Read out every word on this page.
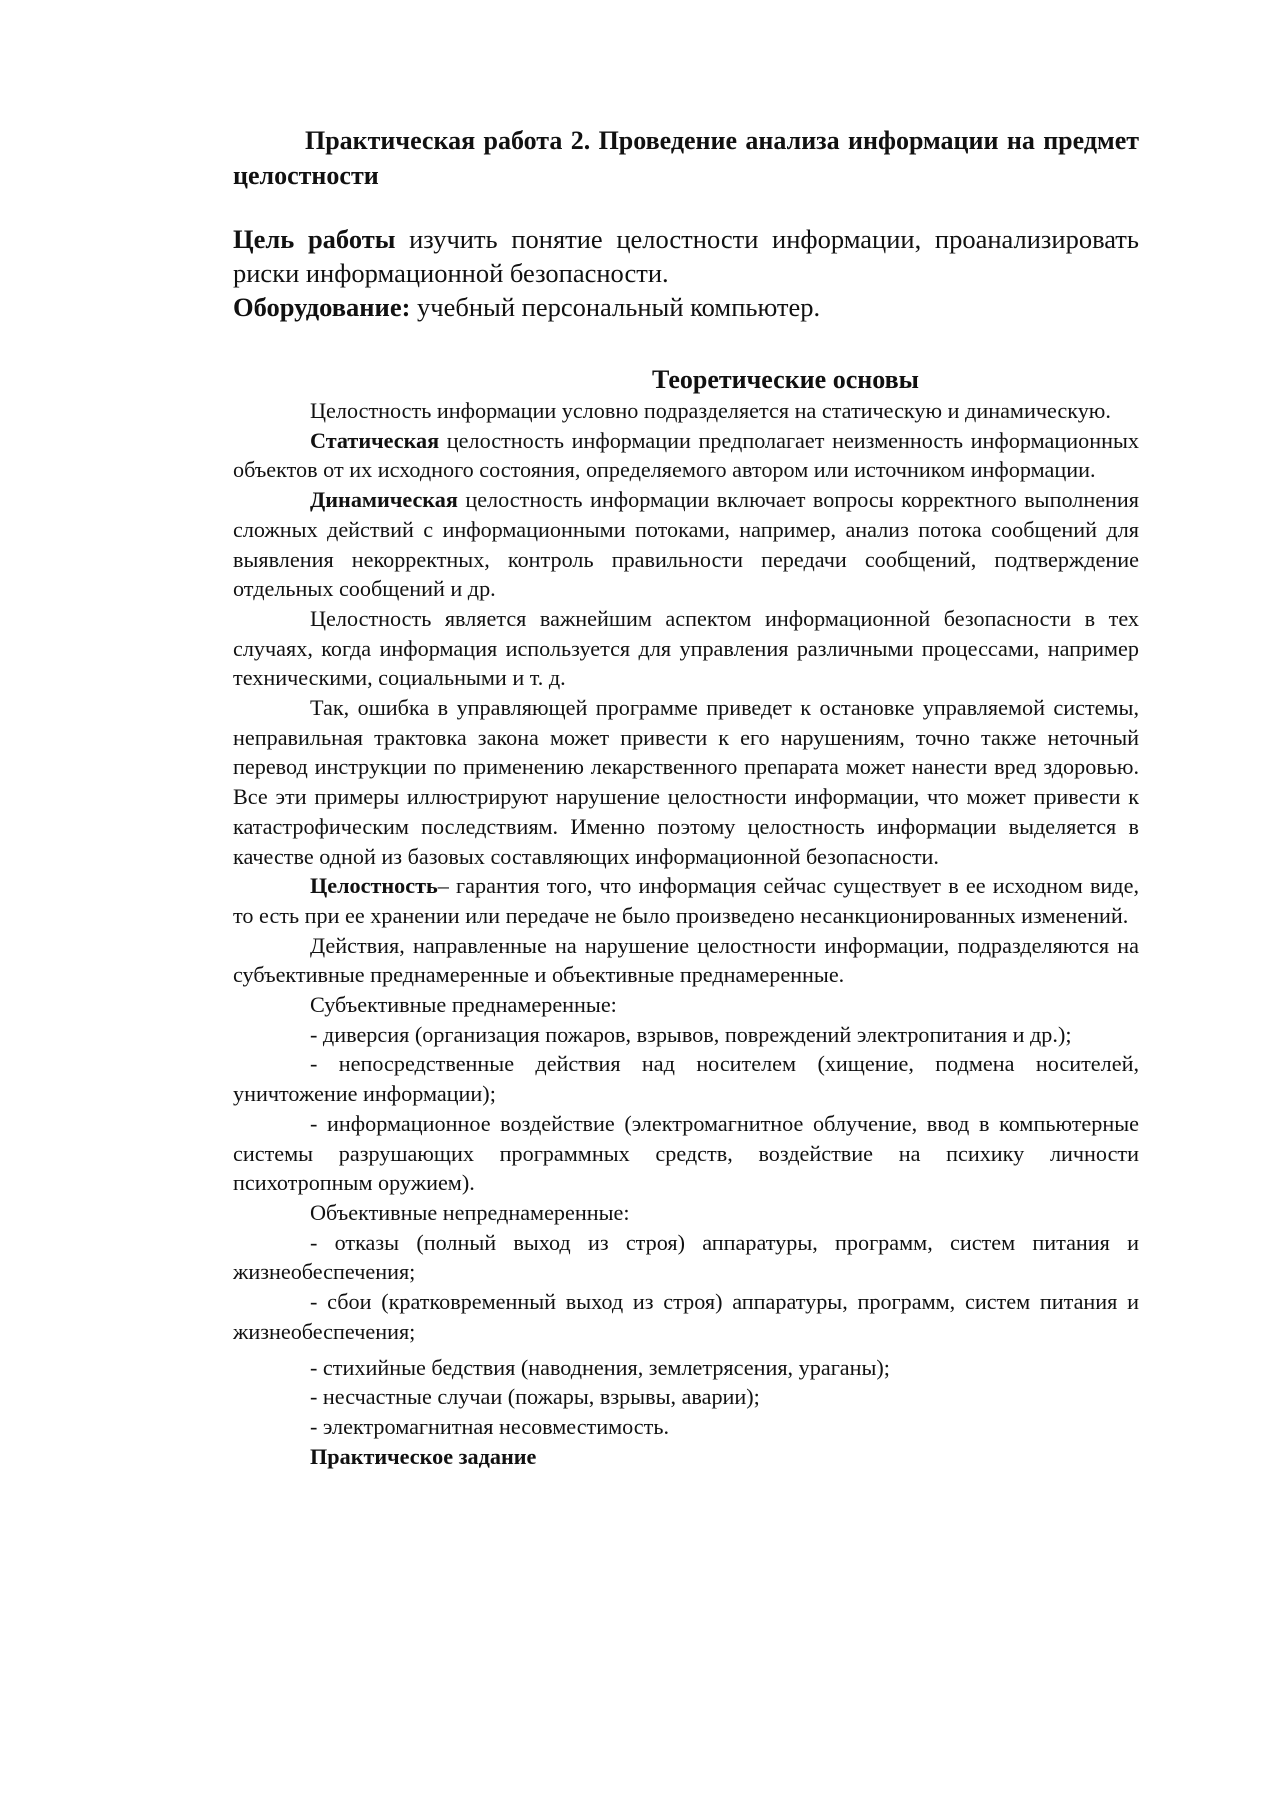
Практическая работа 2. Проведение анализа информации на предмет целостности

Цель работы изучить понятие целостности информации, проанализировать риски информационной безопасности.

Оборудование: учебный персональный компьютер.

Теоретические основы

Целостность информации условно подразделяется на статическую и динамическую.

Статическая целостность информации предполагает неизменность информационных объектов от их исходного состояния, определяемого автором или источником информации.

Динамическая целостность информации включает вопросы корректного выполнения сложных действий с информационными потоками, например, анализ потока сообщений для выявления некорректных, контроль правильности передачи сообщений, подтверждение отдельных сообщений и др.

Целостность является важнейшим аспектом информационной безопасности в тех случаях, когда информация используется для управления различными процессами, например техническими, социальными и т. д.

Так, ошибка в управляющей программе приведет к остановке управляемой системы, неправильная трактовка закона может привести к его нарушениям, точно также неточный перевод инструкции по применению лекарственного препарата может нанести вред здоровью. Все эти примеры иллюстрируют нарушение целостности информации, что может привести к катастрофическим последствиям. Именно поэтому целостность информации выделяется в качестве одной из базовых составляющих информационной безопасности.

Целостность– гарантия того, что информация сейчас существует в ее исходном виде, то есть при ее хранении или передаче не было произведено несанкционированных изменений.

Действия, направленные на нарушение целостности информации, подразделяются на субъективные преднамеренные и объективные преднамеренные.

Субъективные преднамеренные:

- диверсия (организация пожаров, взрывов, повреждений электропитания и др.);

- непосредственные действия над носителем (хищение, подмена носителей, уничтожение информации);

- информационное воздействие (электромагнитное облучение, ввод в компьютерные системы разрушающих программных средств, воздействие на психику личности психотропным оружием).

Объективные непреднамеренные:

- отказы (полный выход из строя) аппаратуры, программ, систем питания и жизнеобеспечения;

- сбои (кратковременный выход из строя) аппаратуры, программ, систем питания и жизнеобеспечения;

- стихийные бедствия (наводнения, землетрясения, ураганы);

- несчастные случаи (пожары, взрывы, аварии);

- электромагнитная несовместимость.

Практическое задание
